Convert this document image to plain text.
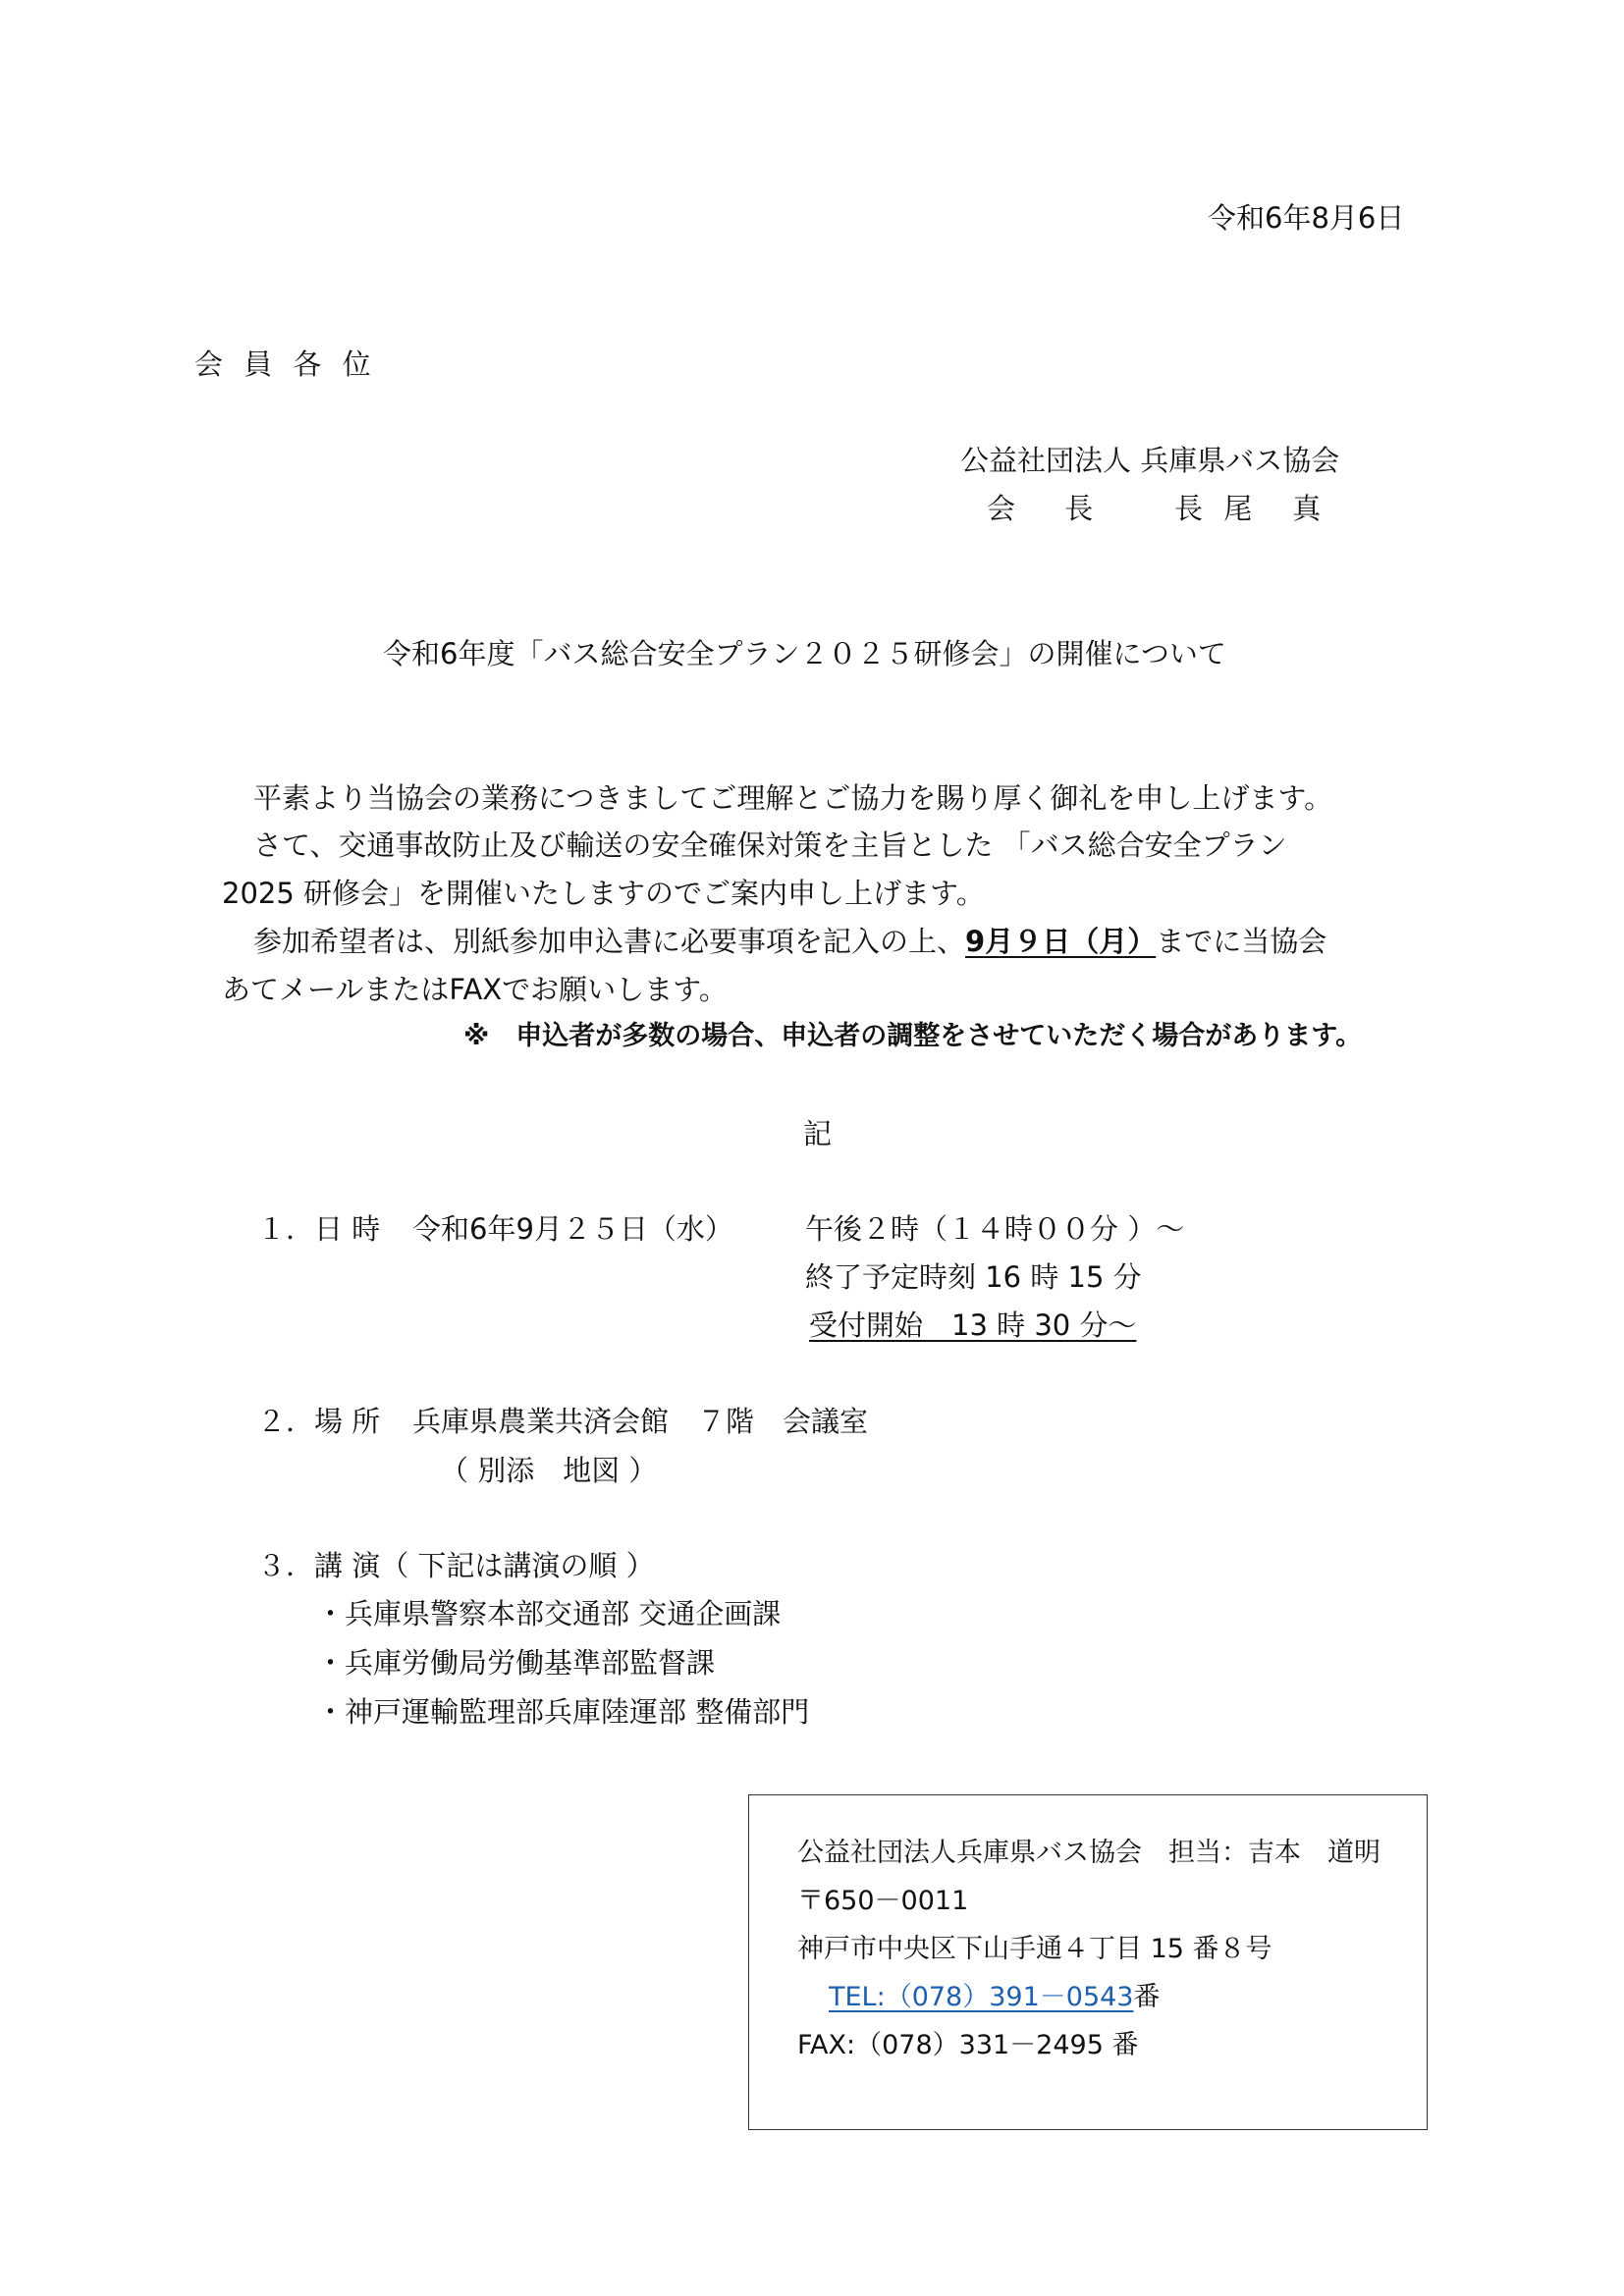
令和6年8月6日
会 員 各 位
公益社団法人 兵庫県バス協会
会　 長	長 尾　真
令和6年度「バス総合安全プラン２０２５研修会」の開催について
平素より当協会の業務につきましてご理解とご協力を賜り厚く御礼を申し上げます。
さて、交通事故防止及び輸送の安全確保対策を主旨とした 「バス総合安全プラン
2025 研修会」を開催いたしますのでご案内申し上げます。
参加希望者は、別紙参加申込書に必要事項を記入の上、9月９日（月）までに当協会
あてメールまたはFAXでお願いします。
※　申込者が多数の場合、申込者の調整をさせていただく場合があります。
記
１．日 時 令和6年9月２５日（水）	午後２時（１４時００分 ）～
終了予定時刻 16 時 15 分
受付開始　13 時 30 分～
２．場 所 兵庫県農業共済会館　７階　会議室
（ 別添　地図 ）
３．講 演（ 下記は講演の順 ）
・兵庫県警察本部交通部 交通企画課
・兵庫労働局労働基準部監督課
・神戸運輸監理部兵庫陸運部 整備部門
公益社団法人兵庫県バス協会　担当：吉本　道明
〒650－0011
神戸市中央区下山手通４丁目 15 番８号
TEL:（078）391－0543番
FAX:（078）331－2495 番
